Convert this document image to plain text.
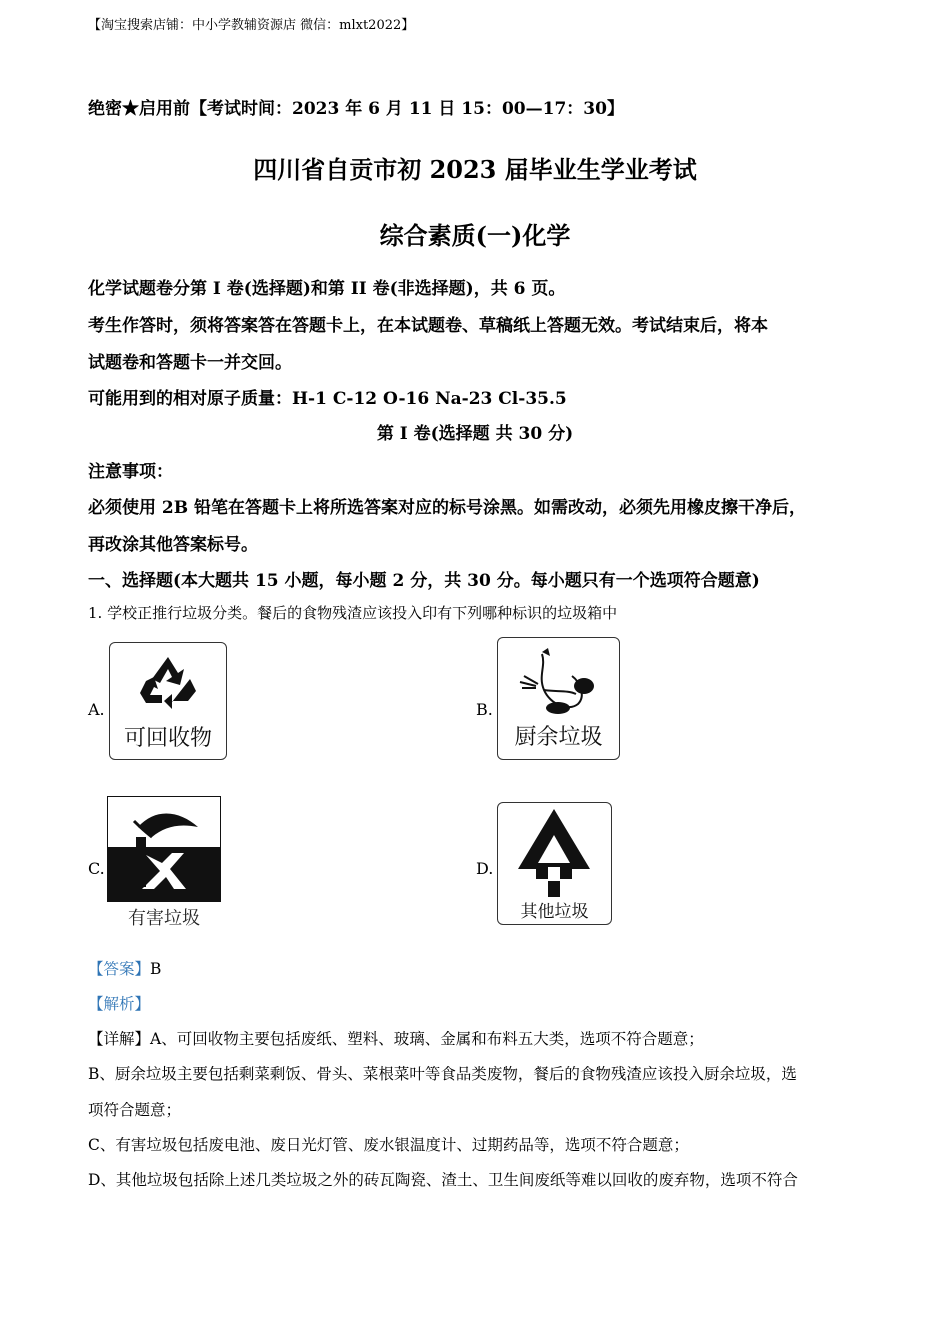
【淘宝搜索店铺：中小学教辅资源店 微信：mlxt2022】
绝密★启用前【考试时间：2023 年 6 月 11 日 15：00—17：30】
四川省自贡市初 2023 届毕业生学业考试
综合素质(一)化学
化学试题卷分第 I 卷(选择题)和第 II 卷(非选择题)，共 6 页。
考生作答时，须将答案答在答题卡上，在本试题卷、草稿纸上答题无效。考试结束后，将本
试题卷和答题卡一并交回。
可能用到的相对原子质量：H-1 C-12 O-16 Na-23 Cl-35.5
第 I 卷(选择题 共 30 分)
注意事项：
必须使用 2B 铅笔在答题卡上将所选答案对应的标号涂黑。如需改动，必须先用橡皮擦干净后，
再改涂其他答案标号。
一、选择题(本大题共 15 小题，每小题 2 分，共 30 分。每小题只有一个选项符合题意)
1. 学校正推行垃圾分类。餐后的食物残渣应该投入印有下列哪种标识的垃圾箱中
A.
可回收物
B.
厨余垃圾
C.
有害垃圾
D.
其他垃圾
【答案】B
【解析】
【详解】A、可回收物主要包括废纸、塑料、玻璃、金属和布料五大类，选项不符合题意；
B、厨余垃圾主要包括剩菜剩饭、骨头、菜根菜叶等食品类废物，餐后的食物残渣应该投入厨余垃圾，选
项符合题意；
C、有害垃圾包括废电池、废日光灯管、废水银温度计、过期药品等，选项不符合题意；
D、其他垃圾包括除上述几类垃圾之外的砖瓦陶瓷、渣土、卫生间废纸等难以回收的废弃物，选项不符合
